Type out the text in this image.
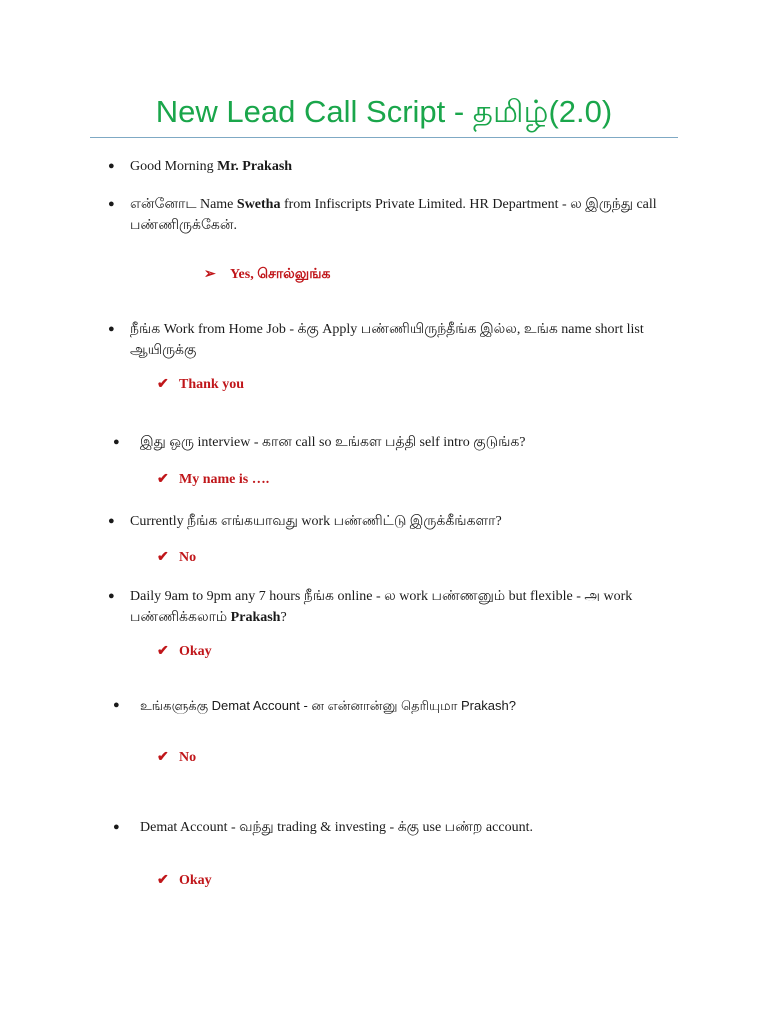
New Lead Call Script - தமிழ்(2.0)
● Good Morning Mr. Prakash
● என்னோட Name Swetha from Infiscripts Private Limited. HR Department - ல இருந்து call பண்ணிருக்கேன்.
➢ Yes, சொல்லுங்க
● நீங்க Work from Home Job - க்கு Apply பண்ணியிருந்தீங்க இல்ல, உங்க name short list ஆயிருக்கு
✔ Thank you
● இது ஒரு interview - கான call so உங்கள பத்தி self intro குடுங்க?
✔ My name is ….
● Currently நீங்க எங்கயாவது work பண்ணிட்டு இருக்கீங்களா?
✔ No
● Daily 9am to 9pm any 7 hours நீங்க online - ல work பண்ணனும் but flexible - அ work பண்ணிக்கலாம் Prakash?
✔ Okay
● உங்களுக்கு Demat Account - ன என்னான்னு தெரியுமா Prakash?
✔ No
● Demat Account - வந்து trading & investing - க்கு use பண்ற account.
✔ Okay
